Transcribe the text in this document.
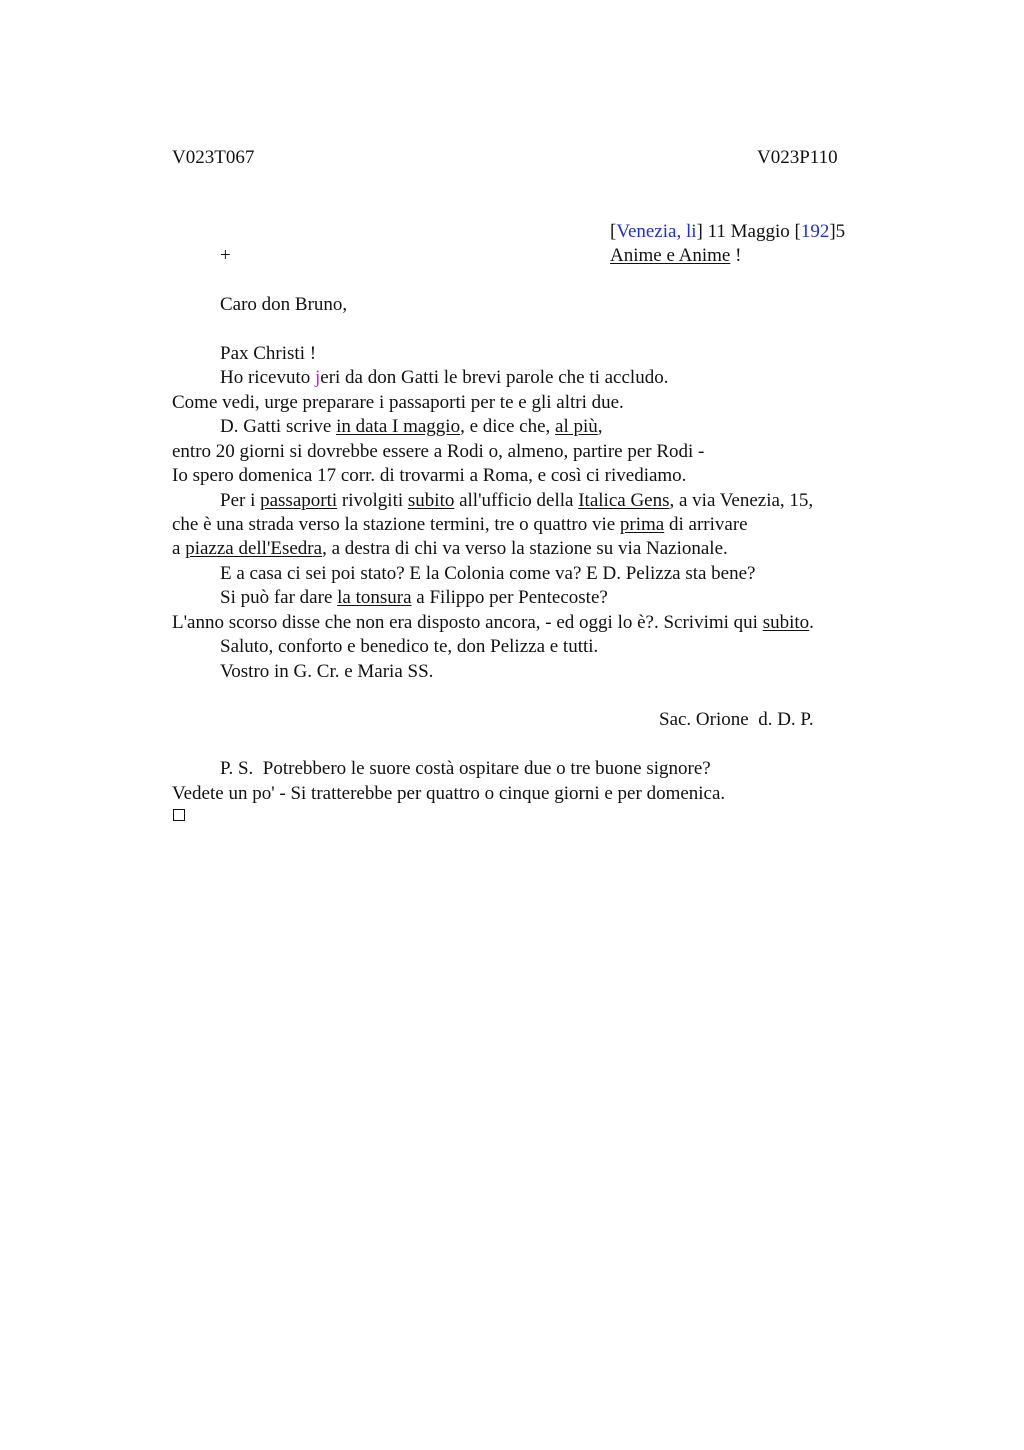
V023T067	V023P110
[Venezia, li] 11 Maggio [192]5
+	Anime e Anime !
Caro don Bruno,
Pax Christi !
Ho ricevuto jeri da don Gatti le brevi parole che ti accludo.
Come vedi, urge preparare i passaporti per te e gli altri due.
D. Gatti scrive in data I maggio, e dice che, al più,
entro 20 giorni si dovrebbe essere a Rodi o, almeno, partire per Rodi -
Io spero domenica 17 corr. di trovarmi a Roma, e così ci rivediamo.
Per i passaporti rivolgiti subito all'ufficio della Italica Gens, a via Venezia, 15,
che è una strada verso la stazione termini, tre o quattro vie prima di arrivare
a piazza dell'Esedra, a destra di chi va verso la stazione su via Nazionale.
E a casa ci sei poi stato? E la Colonia come va? E D. Pelizza sta bene?
Si può far dare la tonsura a Filippo per Pentecoste?
L'anno scorso disse che non era disposto ancora, - ed oggi lo è?. Scrivimi qui subito.
Saluto, conforto e benedico te, don Pelizza e tutti.
Vostro in G. Cr. e Maria SS.
Sac. Orione  d. D. P.
P. S.  Potrebbero le suore costà ospitare due o tre buone signore?
Vedete un po' - Si tratterebbe per quattro o cinque giorni e per domenica.
